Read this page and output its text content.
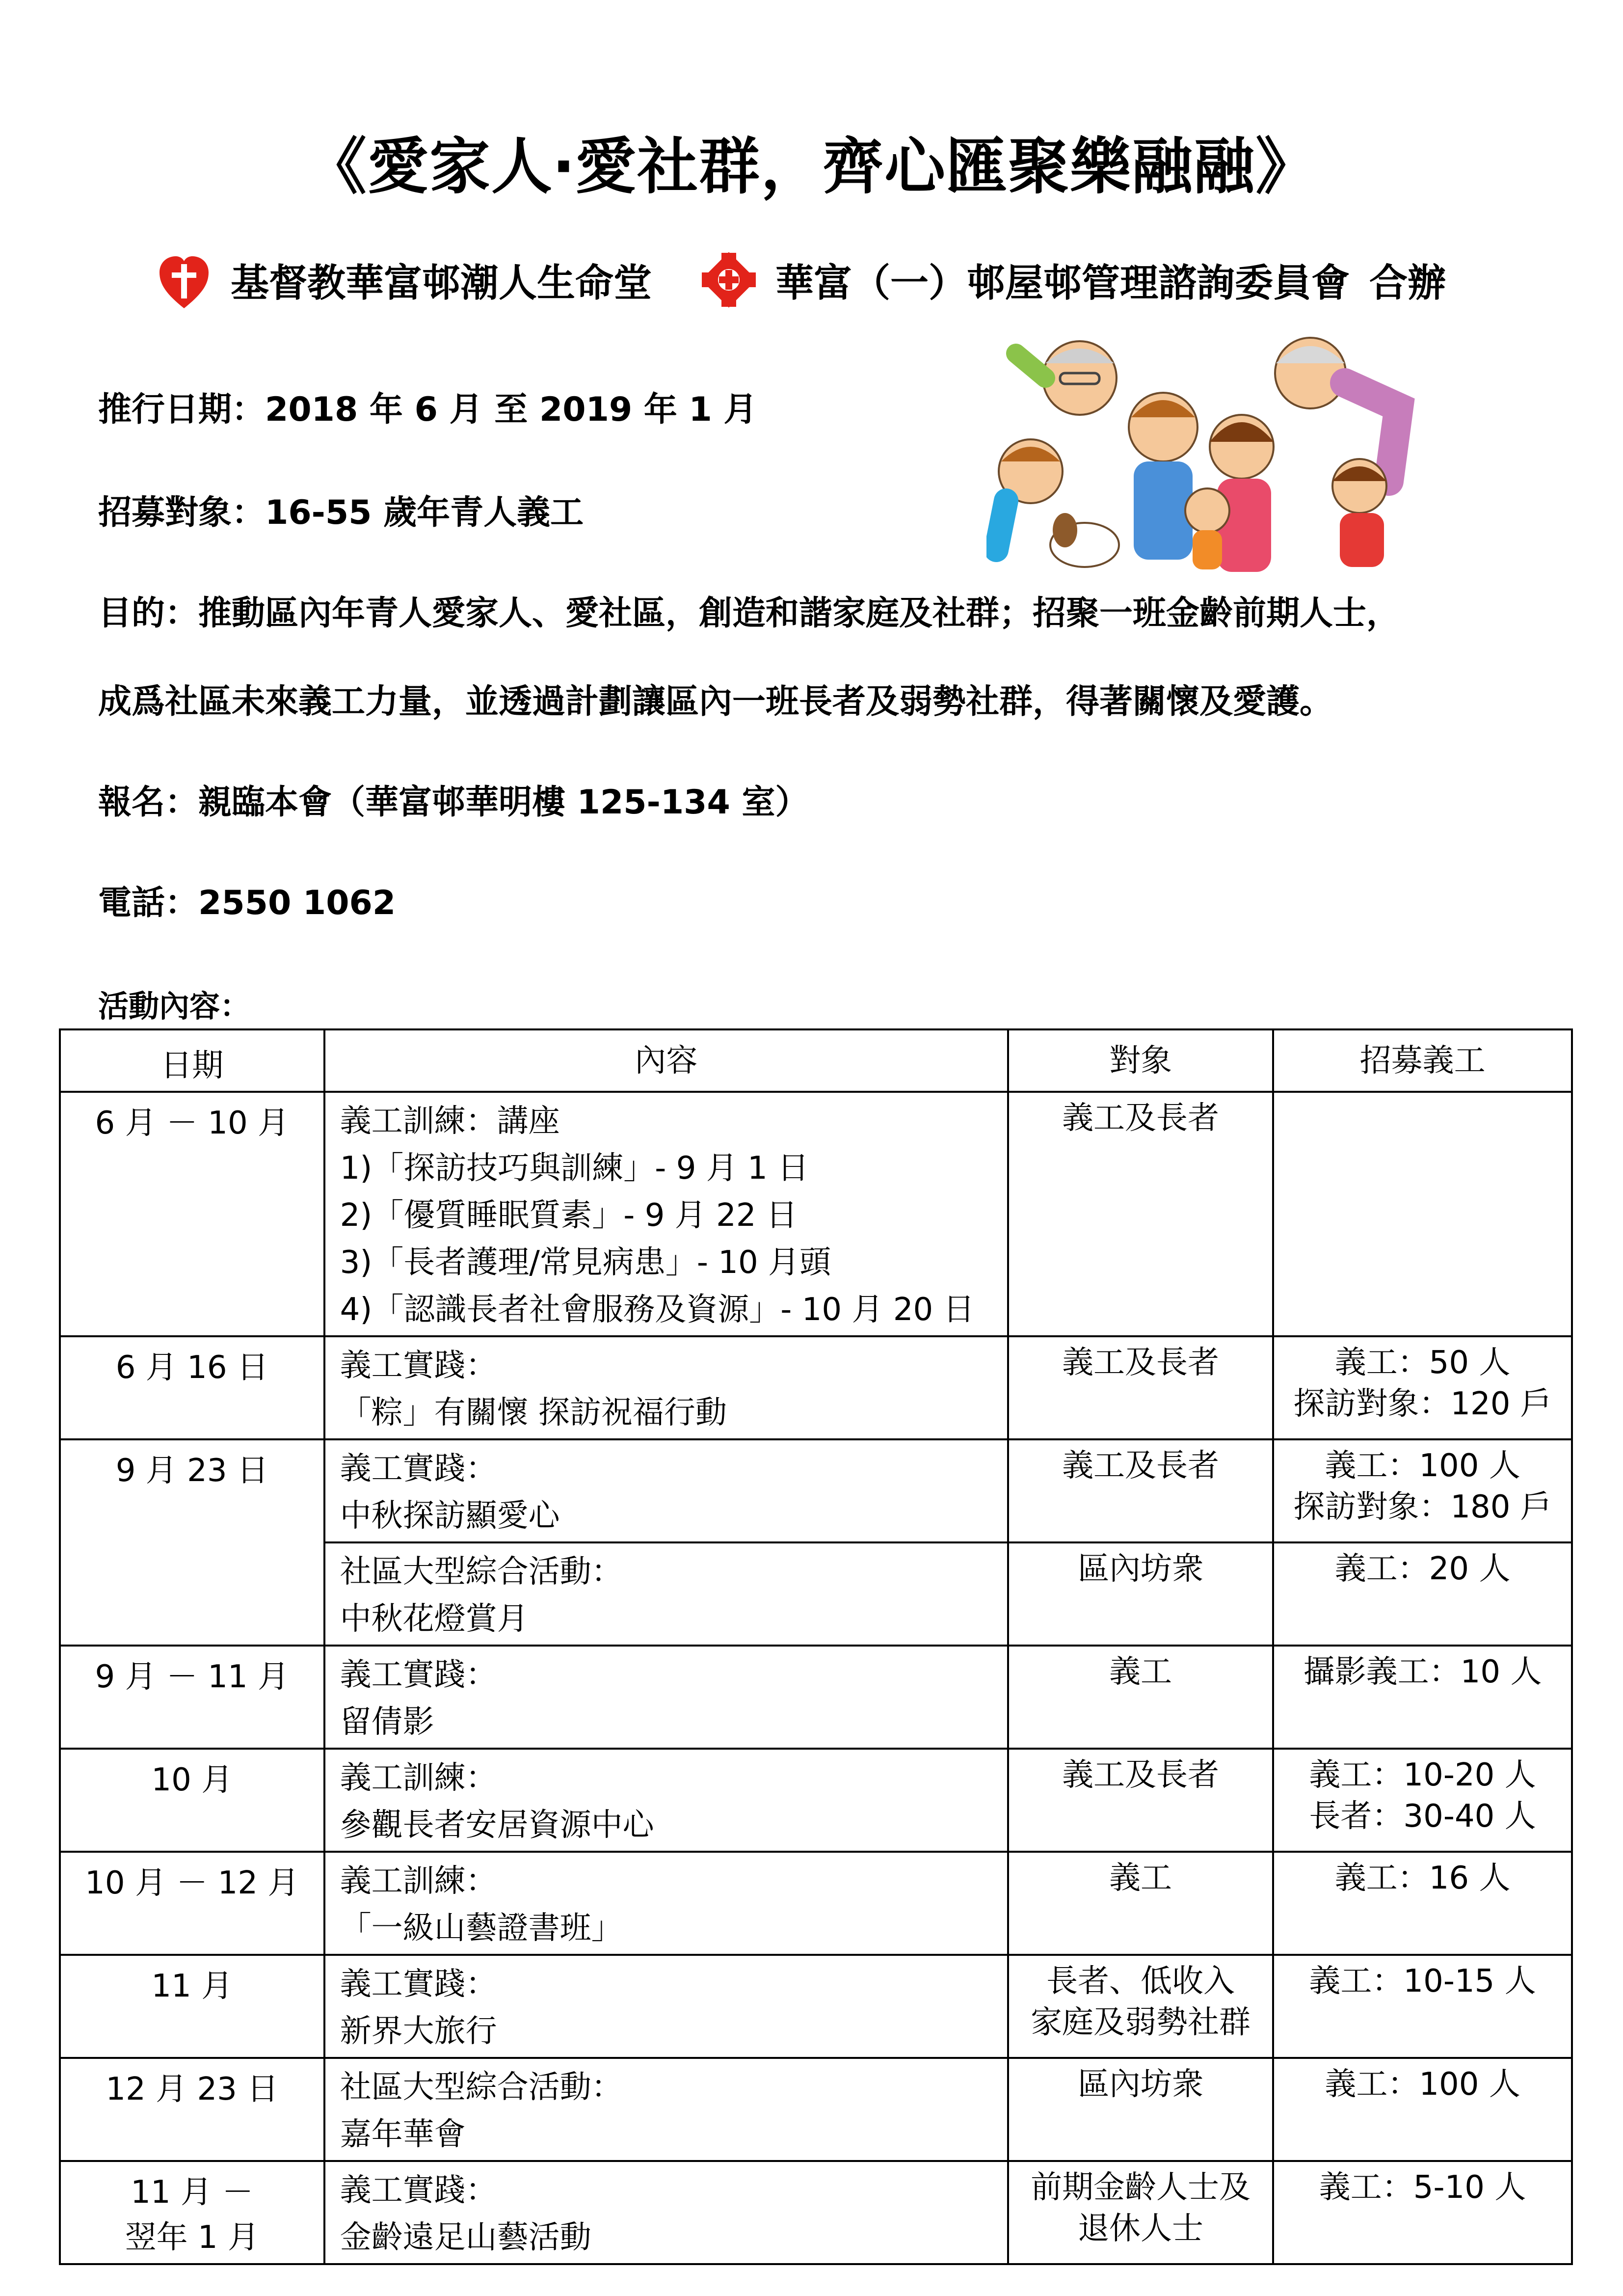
《愛家人‧愛社群，齊心匯聚樂融融》
基督教華富邨潮人生命堂	華富（一）邨屋邨管理諮詢委員會 合辦
推行日期：2018 年 6 月 至 2019 年 1 月
招募對象：16-55 歲年青人義工
目的：推動區內年青人愛家人、愛社區，創造和諧家庭及社群；招聚一班金齡前期人士，
成爲社區未來義工力量，並透過計劃讓區內一班長者及弱勢社群，得著關懷及愛護。
報名：親臨本會（華富邨華明樓 125-134 室）
電話：2550 1062
活動內容：
日期	內容	對象	招募義工

6 月 － 10 月	義工訓練：講座
1)「探訪技巧與訓練」- 9 月 1 日
2)「優質睡眠質素」- 9 月 22 日
3)「長者護理/常見病患」- 10 月頭
4)「認識長者社會服務及資源」- 10 月 20 日	義工及長者	

6 月 16 日	義工實踐：
「粽」有關懷 探訪祝福行動	義工及長者	義工：50 人
探訪對象：120 戶

9 月 23 日	義工實踐：
中秋探訪顯愛心	義工及長者	義工：100 人
探訪對象：180 戶

	社區大型綜合活動：
中秋花燈賞月	區內坊衆	義工：20 人

9 月 － 11 月	義工實踐：
留倩影	義工	攝影義工：10 人

10 月	義工訓練：
參觀長者安居資源中心	義工及長者	義工：10-20 人
長者：30-40 人

10 月 － 12 月	義工訓練：
「一級山藝證書班」	義工	義工：16 人

11 月	義工實踐：
新界大旅行	長者、低收入
家庭及弱勢社群	義工：10-15 人

12 月 23 日	社區大型綜合活動：
嘉年華會	區內坊衆	義工：100 人

11 月 －
翌年 1 月	義工實踐：
金齡遠足山藝活動	前期金齡人士及
退休人士	義工：5-10 人
